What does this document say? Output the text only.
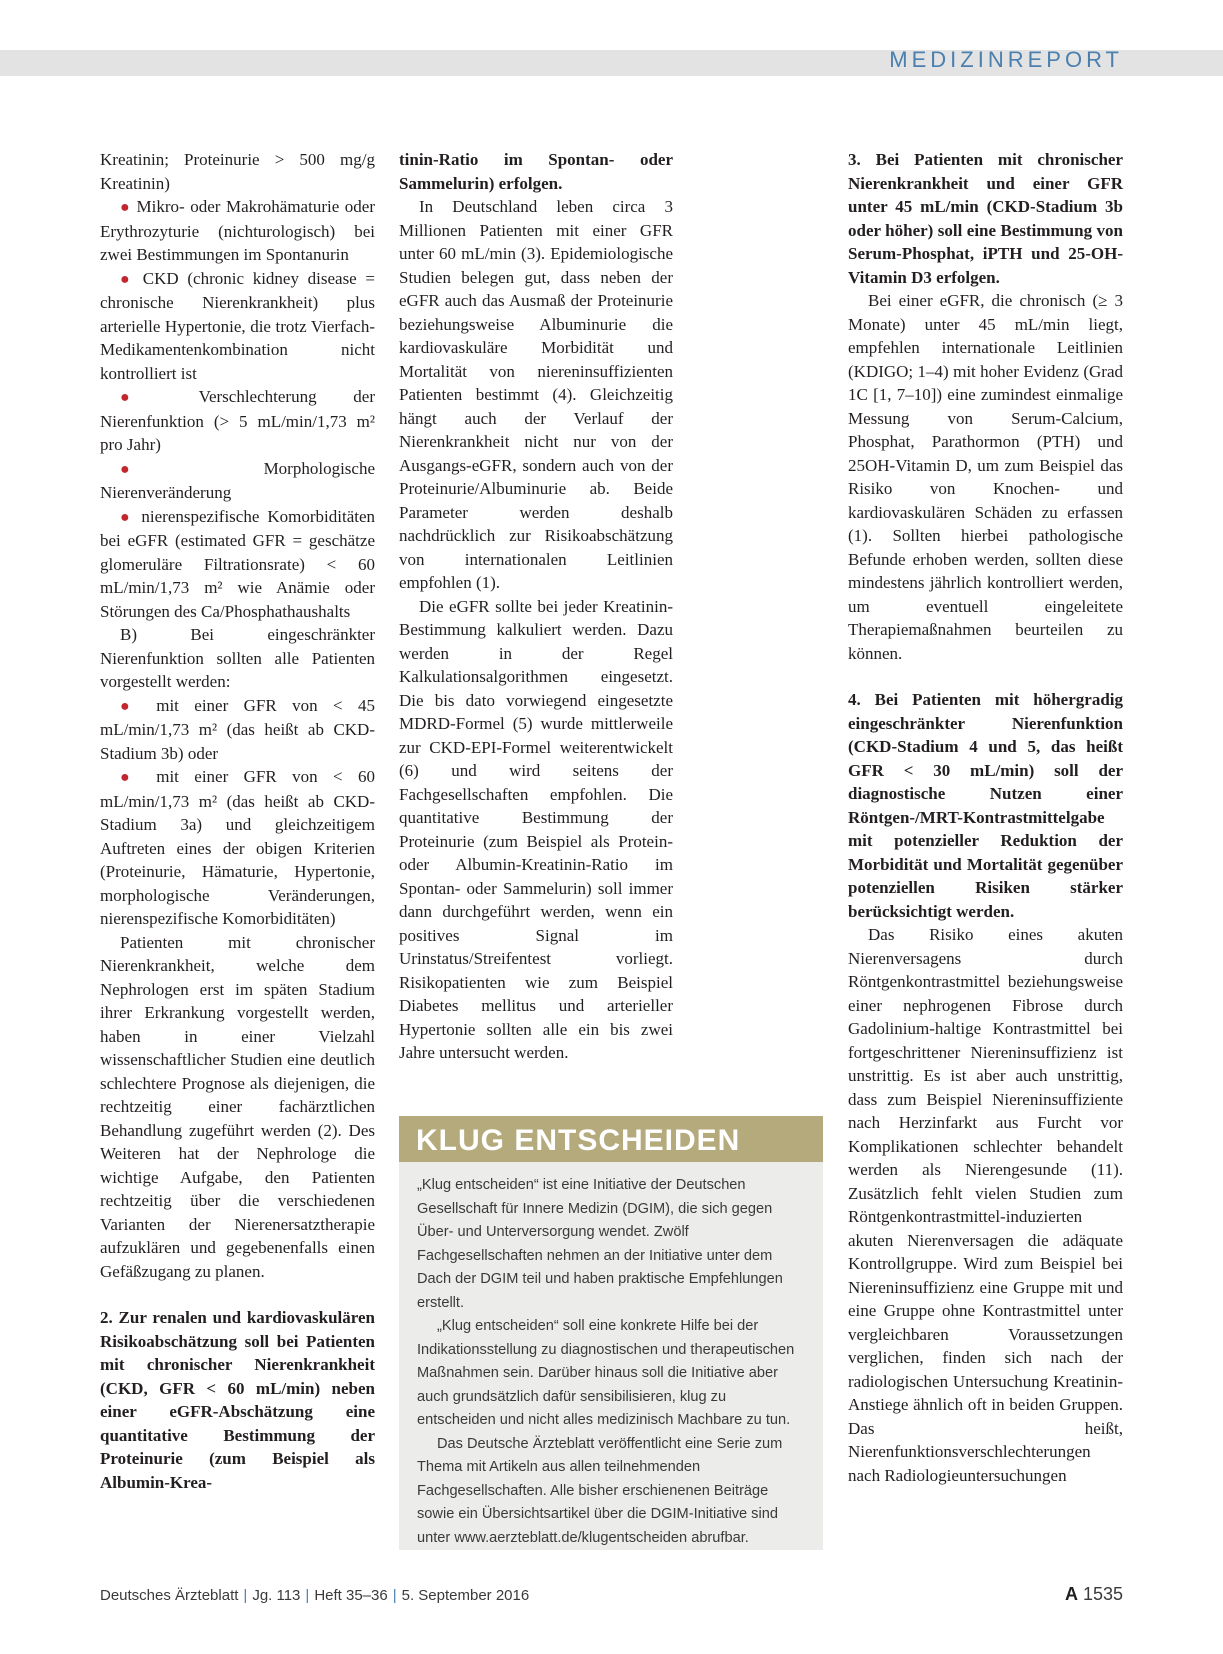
MEDIZINREPORT

Kreatinin; Proteinurie > 500 mg/g Kreatinin)

● Mikro- oder Makrohämaturie oder Erythrozyturie (nichturologisch) bei zwei Bestimmungen im Spontanurin

● CKD (chronic kidney disease = chronische Nierenkrankheit) plus arterielle Hypertonie, die trotz Vierfach-Medikamentenkombination nicht kontrolliert ist

● Verschlechterung der Nierenfunktion (> 5 mL/min/1,73 m² pro Jahr)

●	Morphologische Nierenveränderung

● nierenspezifische Komorbiditäten bei eGFR (estimated GFR = geschätze glomeruläre Filtrationsrate) < 60 mL/min/1,73 m² wie Anämie oder Störungen des Ca/Phosphathaushalts

B) Bei eingeschränkter Nierenfunktion sollten alle Patienten vorgestellt werden:

● mit einer GFR von < 45 mL/min/1,73 m² (das heißt ab CKD-Stadium 3b) oder

● mit einer GFR von < 60 mL/min/1,73 m² (das heißt ab CKD-Stadium 3a) und gleichzeitigem Auftreten eines der obigen Kriterien (Proteinurie, Hämaturie, Hypertonie, morphologische Veränderungen, nierenspezifische Komorbiditäten)

Patienten mit chronischer Nierenkrankheit, welche dem Nephrologen erst im späten Stadium ihrer Erkrankung vorgestellt werden, haben in einer Vielzahl wissenschaftlicher Studien eine deutlich schlechtere Prognose als diejenigen, die rechtzeitig einer fachärztlichen Behandlung zugeführt werden (2). Des Weiteren hat der Nephrologe die wichtige Aufgabe, den Patienten rechtzeitig über die verschiedenen Varianten der Nierenersatztherapie aufzuklären und gegebenenfalls einen Gefäßzugang zu planen.

2. Zur renalen und kardiovaskulären Risikoabschätzung soll bei Patienten mit chronischer Nierenkrankheit (CKD, GFR < 60 mL/min) neben einer eGFR-Abschätzung eine quantitative Bestimmung der Proteinurie (zum Beispiel als Albumin-Krea-

tinin-Ratio im Spontan- oder Sammelurin) erfolgen.

In Deutschland leben circa 3 Millionen Patienten mit einer GFR unter 60 mL/min (3). Epidemiologische Studien belegen gut, dass neben der eGFR auch das Ausmaß der Proteinurie beziehungsweise Albuminurie die kardiovaskuläre Morbidität und Mortalität von niereninsuffizienten Patienten bestimmt (4). Gleichzeitig hängt auch der Verlauf der Nierenkrankheit nicht nur von der Ausgangs-eGFR, sondern auch von der Proteinurie/Albuminurie ab. Beide Parameter werden deshalb nachdrücklich zur Risikoabschätzung von internationalen Leitlinien empfohlen (1).

Die eGFR sollte bei jeder Kreatinin-Bestimmung kalkuliert werden. Dazu werden in der Regel Kalkulationsalgorithmen eingesetzt. Die bis dato vorwiegend eingesetzte MDRD-Formel (5) wurde mittlerweile zur CKD-EPI-Formel weiterentwickelt (6) und wird seitens der Fachgesellschaften empfohlen. Die quantitative Bestimmung der Proteinurie (zum Beispiel als Protein- oder Albumin-Kreatinin-Ratio im Spontan- oder Sammelurin) soll immer dann durchgeführt werden, wenn ein positives Signal im Urinstatus/Streifentest vorliegt. Risikopatienten wie zum Beispiel Diabetes mellitus und arterieller Hypertonie sollten alle ein bis zwei Jahre untersucht werden.

KLUG ENTSCHEIDEN

„Klug entscheiden“ ist eine Initiative der Deutschen Gesellschaft für Innere Medizin (DGIM), die sich gegen Über- und Unterversorgung wendet. Zwölf Fachgesellschaften nehmen an der Initiative unter dem Dach der DGIM teil und haben praktische Empfehlungen erstellt.

„Klug entscheiden“ soll eine konkrete Hilfe bei der Indikationsstellung zu diagnostischen und therapeutischen Maßnahmen sein. Darüber hinaus soll die Initiative aber auch grundsätzlich dafür sensibilisieren, klug zu entscheiden und nicht alles medizinisch Machbare zu tun.

Das Deutsche Ärzteblatt veröffentlicht eine Serie zum Thema mit Artikeln aus allen teilnehmenden Fachgesellschaften. Alle bisher erschienenen Beiträge sowie ein Übersichtsartikel über die DGIM-Initiative sind unter www.aerzteblatt.de/klugentscheiden abrufbar.

3. Bei Patienten mit chronischer Nierenkrankheit und einer GFR unter 45 mL/min (CKD-Stadium 3b oder höher) soll eine Bestimmung von Serum-Phosphat, iPTH und 25-OH-Vitamin D3 erfolgen.

Bei einer eGFR, die chronisch (≥ 3 Monate) unter 45 mL/min liegt, empfehlen internationale Leitlinien (KDIGO; 1–4) mit hoher Evidenz (Grad 1C [1, 7–10]) eine zumindest einmalige Messung von Serum-Calcium, Phosphat, Parathormon (PTH) und 25OH-Vitamin D, um zum Beispiel das Risiko von Knochen- und kardiovaskulären Schäden zu erfassen (1). Sollten hierbei pathologische Befunde erhoben werden, sollten diese mindestens jährlich kontrolliert werden, um eventuell eingeleitete Therapiemaßnahmen beurteilen zu können.

4. Bei Patienten mit höhergradig eingeschränkter Nierenfunktion (CKD-Stadium 4 und 5, das heißt GFR < 30 mL/min) soll der diagnostische Nutzen einer Röntgen-/MRT-Kontrastmittelgabe mit potenzieller Reduktion der Morbidität und Mortalität gegenüber potenziellen Risiken stärker berücksichtigt werden.

Das Risiko eines akuten Nierenversagens durch Röntgenkontrastmittel beziehungsweise einer nephrogenen Fibrose durch Gadolinium-haltige Kontrastmittel bei fortgeschrittener Niereninsuffizienz ist unstrittig. Es ist aber auch unstrittig, dass zum Beispiel Niereninsuffiziente nach Herzinfarkt aus Furcht vor Komplikationen schlechter behandelt werden als Nierengesunde (11). Zusätzlich fehlt vielen Studien zum Röntgenkontrastmittel-induzierten akuten Nierenversagen die adäquate Kontrollgruppe. Wird zum Beispiel bei Niereninsuffizienz eine Gruppe mit und eine Gruppe ohne Kontrastmittel unter vergleichbaren Voraussetzungen verglichen, finden sich nach der radiologischen Untersuchung Kreatinin-Anstiege ähnlich oft in beiden Gruppen. Das heißt, Nierenfunktionsverschlechterungen nach Radiologieuntersuchungen

Deutsches Ärzteblatt | Jg. 113 | Heft 35–36 | 5. September 2016	A 1535
